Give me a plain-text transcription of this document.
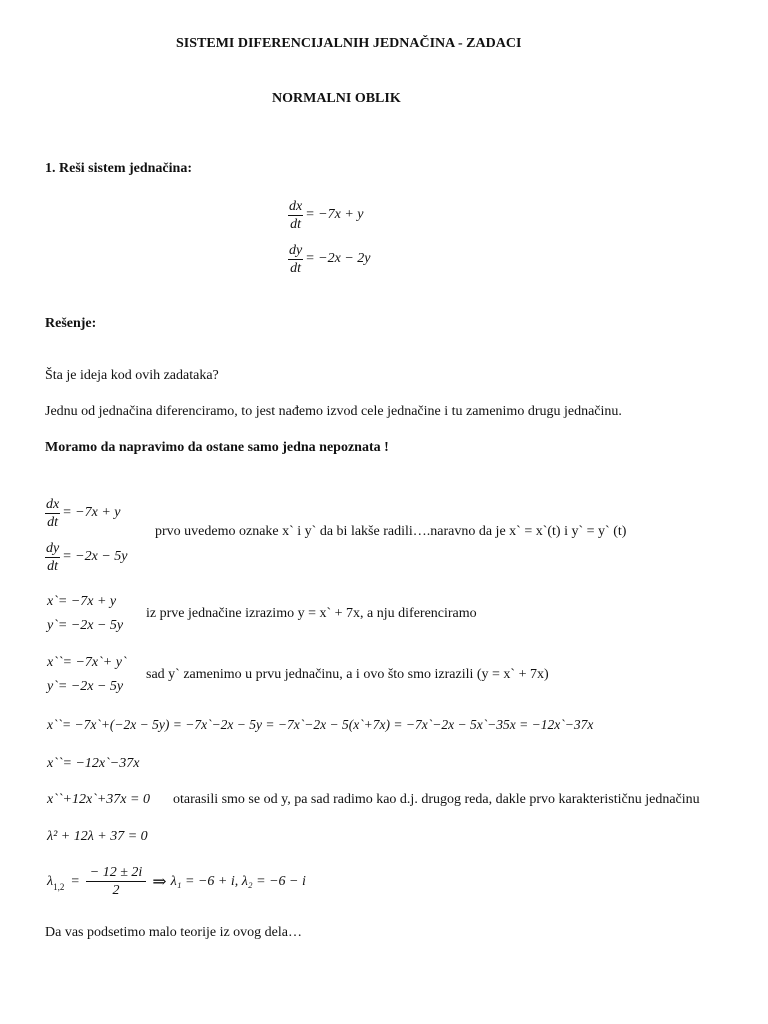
SISTEMI DIFERENCIJALNIH JEDNAČINA - ZADACI
NORMALNI OBLIK
1. Reši sistem jednačina:
$\frac{dx}{dt} = -7x + y$
$\frac{dy}{dt} = -2x - 2y$
Rešenje:
Šta je ideja kod ovih zadataka?
Jednu od jednačina diferenciramo, to jest nađemo izvod cele jednačine i tu zamenimo drugu jednačinu.
Moramo da napravimo da ostane samo jedna nepoznata !
$\frac{dx}{dt} = -7x + y$
$\frac{dy}{dt} = -2x - 5y$
prvo uvedemo oznake x` i y` da bi lakše radili….naravno da je x` = x`(t) i y` = y` (t)
x`= −7x + y
y`= −2x − 5y
iz prve jednačine izrazimo y = x` + 7x, a nju diferenciramo
x``= −7x`+ y`
y`= −2x − 5y
sad y` zamenimo u prvu jednačinu, a i ovo što smo izrazili (y = x` + 7x)
x``= −7x`+(−2x − 5y) = −7x`−2x − 5y = −7x`−2x − 5(x`+7x) = −7x`−2x − 5x`−35x = −12x`−37x
x``= −12x`−37x
x``+12x`+37x = 0 otarasili smo se od y, pa sad radimo kao d.j. drugog reda, dakle prvo karakterističnu jednačinu
λ² + 12λ + 37 = 0
$\lambda_{1,2} = \frac{- 12 \pm 2i}{2}$ ⇒ λ₁ = −6 + i, λ₂ = −6 − i
Da vas podsetimo malo teorije iz ovog dela…
